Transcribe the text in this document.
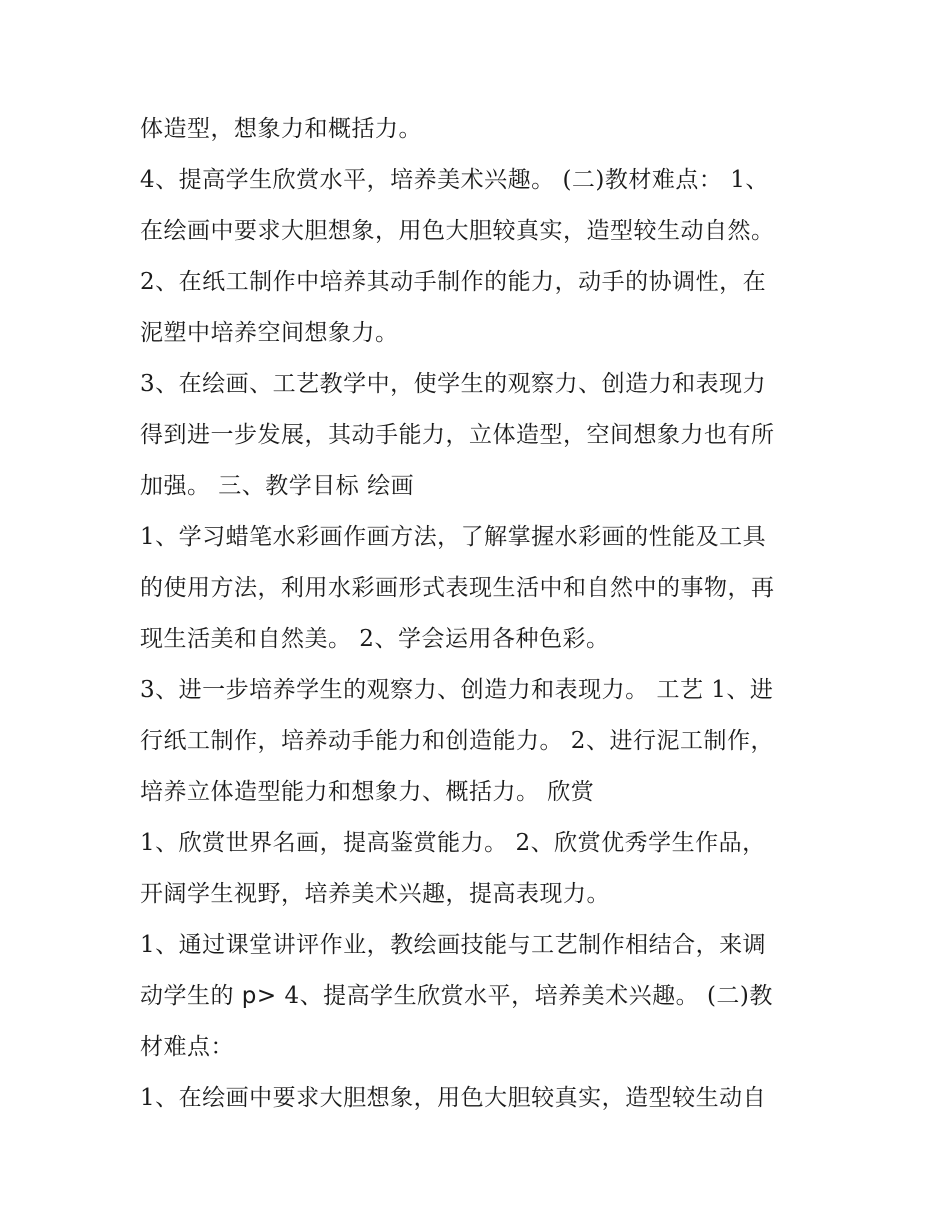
体造型，想象力和概括力。
4、提高学生欣赏水平，培养美术兴趣。 (二)教材难点： 1、
在绘画中要求大胆想象，用色大胆较真实，造型较生动自然。
2、在纸工制作中培养其动手制作的能力，动手的协调性，在
泥塑中培养空间想象力。
3、在绘画、工艺教学中，使学生的观察力、创造力和表现力
得到进一步发展，其动手能力，立体造型，空间想象力也有所
加强。 三、教学目标 绘画
1、学习蜡笔水彩画作画方法，了解掌握水彩画的性能及工具
的使用方法，利用水彩画形式表现生活中和自然中的事物，再
现生活美和自然美。 2、学会运用各种色彩。
3、进一步培养学生的观察力、创造力和表现力。 工艺 1、进
行纸工制作，培养动手能力和创造能力。 2、进行泥工制作，
培养立体造型能力和想象力、概括力。 欣赏
1、欣赏世界名画，提高鉴赏能力。 2、欣赏优秀学生作品，
开阔学生视野，培养美术兴趣，提高表现力。
1、通过课堂讲评作业，教绘画技能与工艺制作相结合，来调
动学生的 p> 4、提高学生欣赏水平，培养美术兴趣。 (二)教
材难点：
1、在绘画中要求大胆想象，用色大胆较真实，造型较生动自
